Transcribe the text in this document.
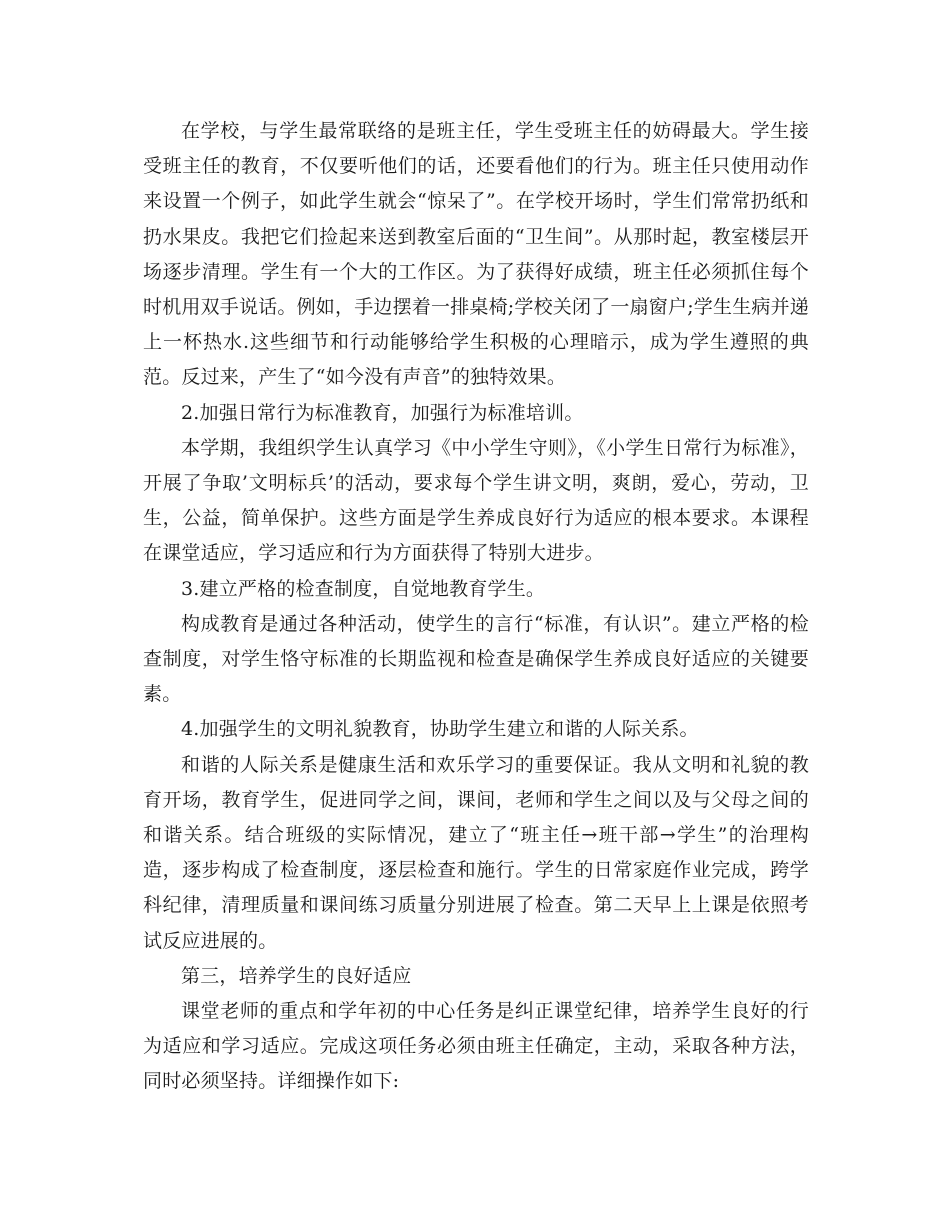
在学校，与学生最常联络的是班主任，学生受班主任的妨碍最大。学生接受班主任的教育，不仅要听他们的话，还要看他们的行为。班主任只使用动作来设置一个例子，如此学生就会“惊呆了”。在学校开场时，学生们常常扔纸和扔水果皮。我把它们捡起来送到教室后面的“卫生间”。从那时起，教室楼层开场逐步清理。学生有一个大的工作区。为了获得好成绩，班主任必须抓住每个时机用双手说话。例如，手边摆着一排桌椅;学校关闭了一扇窗户;学生生病并递上一杯热水.这些细节和行动能够给学生积极的心理暗示，成为学生遵照的典范。反过来，产生了“如今没有声音”的独特效果。

2.加强日常行为标准教育，加强行为标准培训。

本学期，我组织学生认真学习《中小学生守则》，《小学生日常行为标准》，开展了争取’文明标兵’的活动，要求每个学生讲文明，爽朗，爱心，劳动，卫生，公益，简单保护。这些方面是学生养成良好行为适应的根本要求。本课程在课堂适应，学习适应和行为方面获得了特别大进步。

3.建立严格的检查制度，自觉地教育学生。

构成教育是通过各种活动，使学生的言行“标准，有认识”。建立严格的检查制度，对学生恪守标准的长期监视和检查是确保学生养成良好适应的关键要素。

4.加强学生的文明礼貌教育，协助学生建立和谐的人际关系。

和谐的人际关系是健康生活和欢乐学习的重要保证。我从文明和礼貌的教育开场，教育学生，促进同学之间，课间，老师和学生之间以及与父母之间的和谐关系。结合班级的实际情况，建立了“班主任→班干部→学生”的治理构造，逐步构成了检查制度，逐层检查和施行。学生的日常家庭作业完成，跨学科纪律，清理质量和课间练习质量分别进展了检查。第二天早上上课是依照考试反应进展的。

第三，培养学生的良好适应

课堂老师的重点和学年初的中心任务是纠正课堂纪律，培养学生良好的行为适应和学习适应。完成这项任务必须由班主任确定，主动，采取各种方法，同时必须坚持。详细操作如下:
